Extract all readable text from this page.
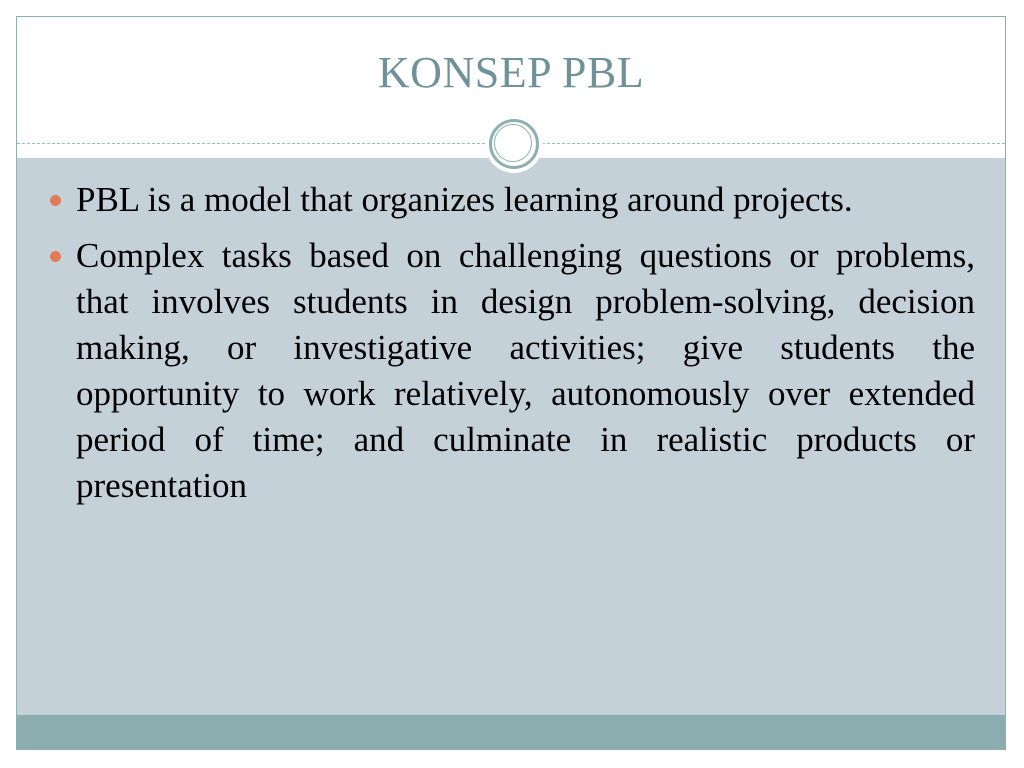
KONSEP PBL
PBL is a model that organizes learning around projects.
Complex tasks based on challenging questions or problems, that involves students in design problem-solving, decision making, or investigative activities; give students the opportunity to work relatively, autonomously over extended period of time; and culminate in realistic products or presentation
